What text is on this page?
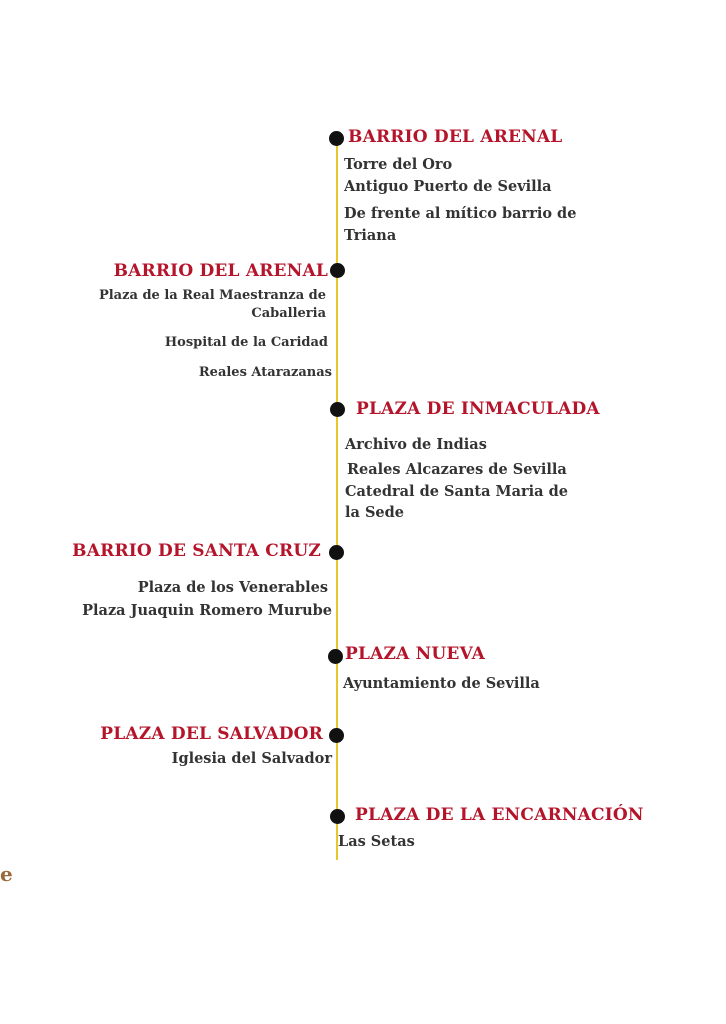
BARRIO DEL ARENAL
Torre del Oro
Antiguo Puerto de Sevilla
De frente al mítico barrio de
Triana
BARRIO DEL ARENAL
Plaza de la Real Maestranza de
Caballeria
Hospital de la Caridad
Reales Atarazanas
PLAZA DE INMACULADA
Archivo de Indias
Reales Alcazares de Sevilla
Catedral de Santa Maria de
la Sede
BARRIO DE SANTA CRUZ
Plaza de los Venerables
Plaza Juaquin Romero Murube
PLAZA NUEVA
Ayuntamiento de Sevilla
PLAZA DEL SALVADOR
Iglesia del Salvador
PLAZA DE LA ENCARNACIÓN
Las Setas
e
